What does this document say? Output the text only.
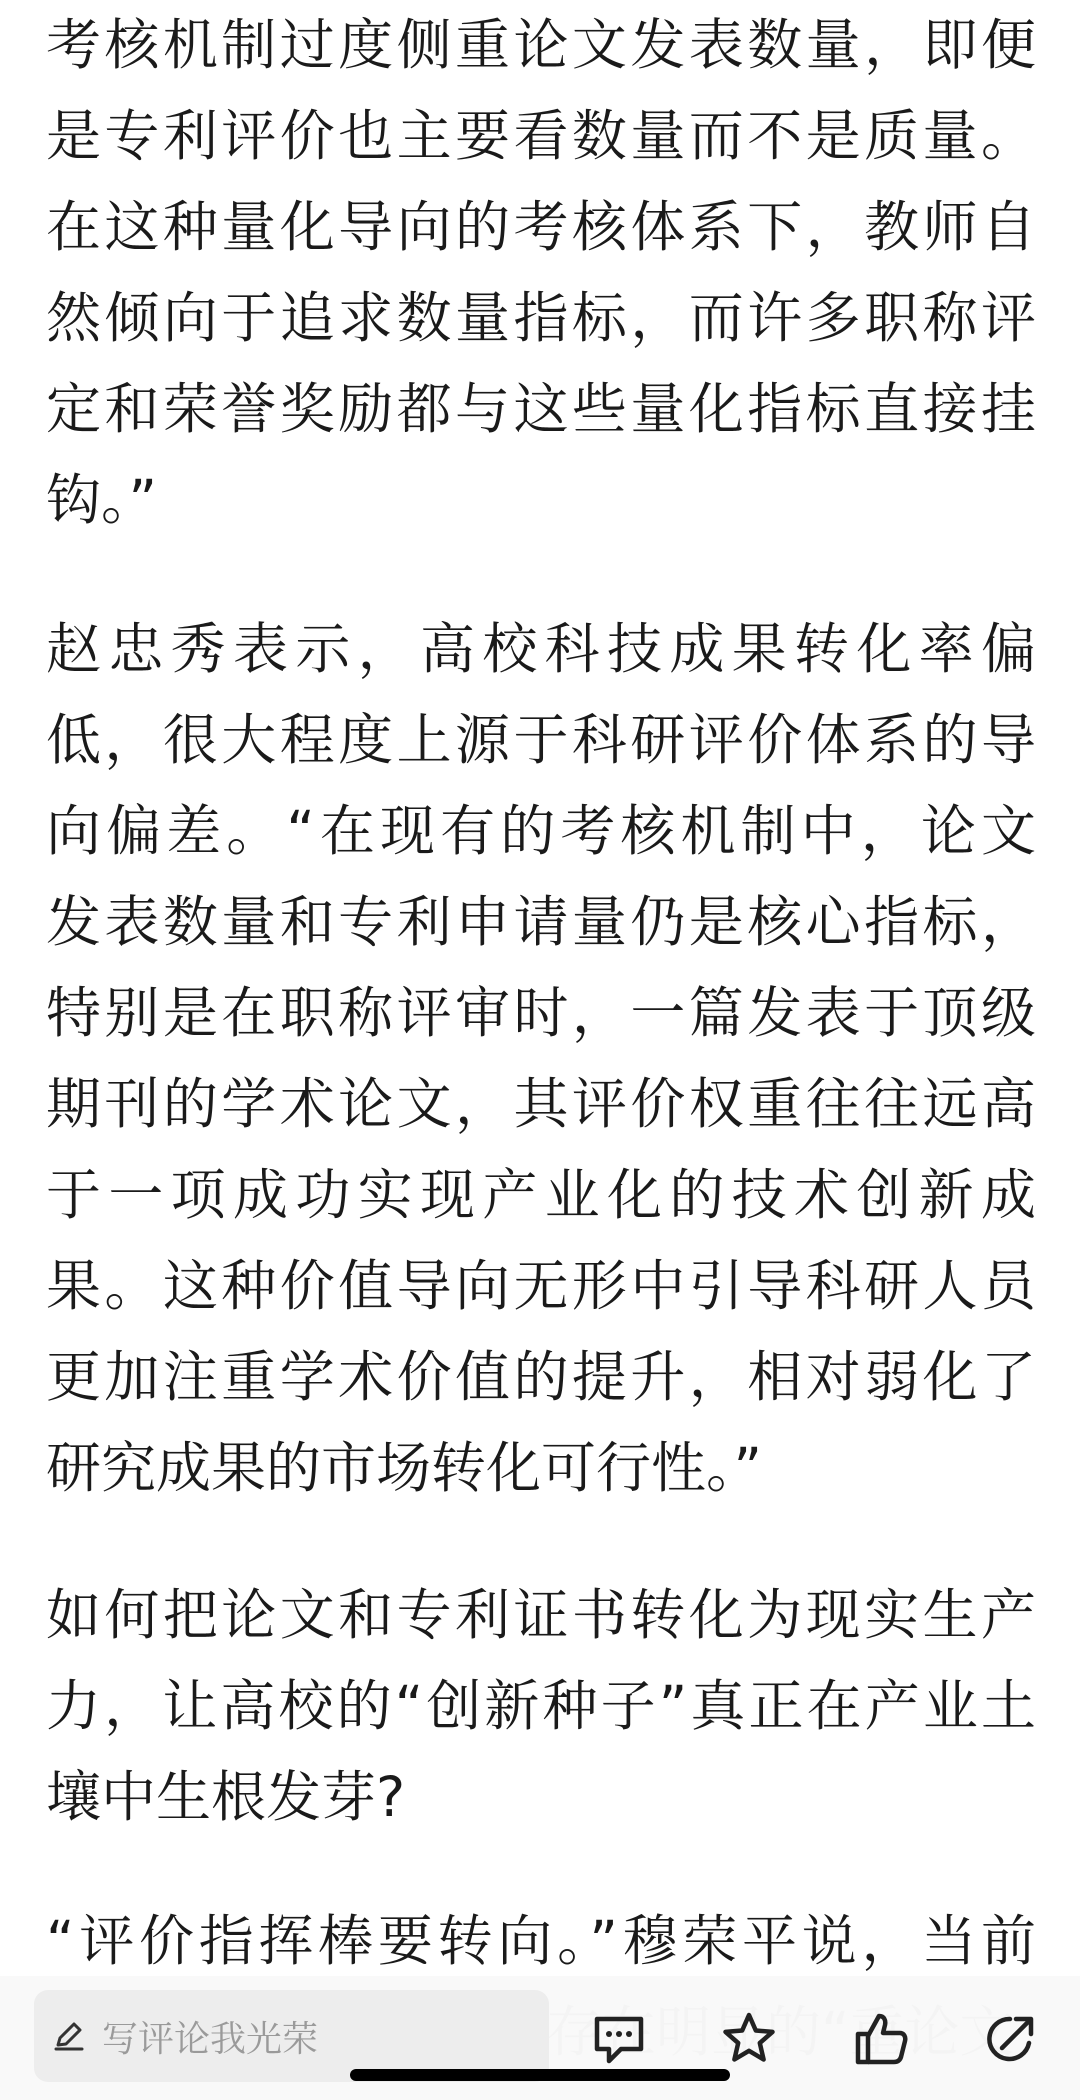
考核机制过度侧重论文发表数量，即便
是专利评价也主要看数量而不是质量。
在这种量化导向的考核体系下，教师自
然倾向于追求数量指标，而许多职称评
定和荣誉奖励都与这些量化指标直接挂
钩。”

赵忠秀表示，高校科技成果转化率偏
低，很大程度上源于科研评价体系的导
向偏差。“在现有的考核机制中，论文
发表数量和专利申请量仍是核心指标，
特别是在职称评审时，一篇发表于顶级
期刊的学术论文，其评价权重往往远高
于一项成功实现产业化的技术创新成
果。这种价值导向无形中引导科研人员
更加注重学术价值的提升，相对弱化了
研究成果的市场转化可行性。”

如何把论文和专利证书转化为现实生产
力，让高校的“创新种子”真正在产业土
壤中生根发芽?

“评价指挥棒要转向。”穆荣平说，当前

写评论我光荣
